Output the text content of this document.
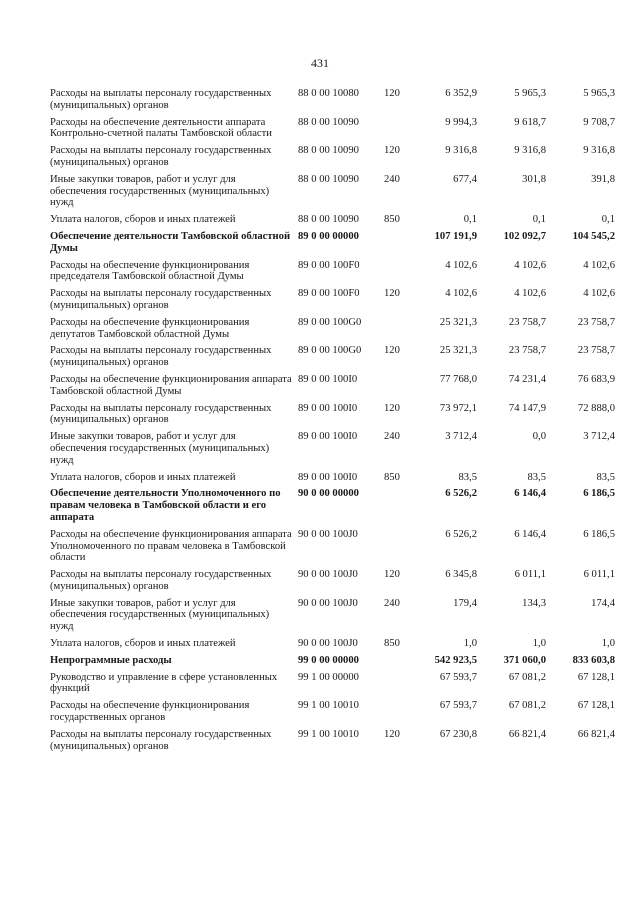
431
Расходы на выплаты персоналу государственных (муниципальных) органов	88 0 00 10080	120	6 352,9	5 965,3	5 965,3
Расходы на обеспечение деятельности аппарата Контрольно-счетной палаты Тамбовской области	88 0 00 10090		9 994,3	9 618,7	9 708,7
Расходы на выплаты персоналу государственных (муниципальных) органов	88 0 00 10090	120	9 316,8	9 316,8	9 316,8
Иные закупки товаров, работ и услуг для обеспечения государственных (муниципальных) нужд	88 0 00 10090	240	677,4	301,8	391,8
Уплата налогов, сборов и иных платежей	88 0 00 10090	850	0,1	0,1	0,1
Обеспечение деятельности Тамбовской областной Думы	89 0 00 00000		107 191,9	102 092,7	104 545,2
Расходы на обеспечение функционирования председателя Тамбовской областной Думы	89 0 00 100F0		4 102,6	4 102,6	4 102,6
Расходы на выплаты персоналу государственных (муниципальных) органов	89 0 00 100F0	120	4 102,6	4 102,6	4 102,6
Расходы на обеспечение функционирования депутатов Тамбовской областной Думы	89 0 00 100G0		25 321,3	23 758,7	23 758,7
Расходы на выплаты персоналу государственных (муниципальных) органов	89 0 00 100G0	120	25 321,3	23 758,7	23 758,7
Расходы на обеспечение функционирования аппарата Тамбовской областной Думы	89 0 00 100I0		77 768,0	74 231,4	76 683,9
Расходы на выплаты персоналу государственных (муниципальных) органов	89 0 00 100I0	120	73 972,1	74 147,9	72 888,0
Иные закупки товаров, работ и услуг для обеспечения государственных (муниципальных) нужд	89 0 00 100I0	240	3 712,4	0,0	3 712,4
Уплата налогов, сборов и иных платежей	89 0 00 100I0	850	83,5	83,5	83,5
Обеспечение деятельности Уполномоченного по правам человека в Тамбовской области и его аппарата	90 0 00 00000		6 526,2	6 146,4	6 186,5
Расходы на обеспечение функционирования аппарата Уполномоченного по правам человека в Тамбовской области	90 0 00 100J0		6 526,2	6 146,4	6 186,5
Расходы на выплаты персоналу государственных (муниципальных) органов	90 0 00 100J0	120	6 345,8	6 011,1	6 011,1
Иные закупки товаров, работ и услуг для обеспечения государственных (муниципальных) нужд	90 0 00 100J0	240	179,4	134,3	174,4
Уплата налогов, сборов и иных платежей	90 0 00 100J0	850	1,0	1,0	1,0
Непрограммные расходы	99 0 00 00000		542 923,5	371 060,0	833 603,8
Руководство и управление в сфере установленных функций	99 1 00 00000		67 593,7	67 081,2	67 128,1
Расходы на обеспечение функционирования государственных органов	99 1 00 10010		67 593,7	67 081,2	67 128,1
Расходы на выплаты персоналу государственных (муниципальных) органов	99 1 00 10010	120	67 230,8	66 821,4	66 821,4
